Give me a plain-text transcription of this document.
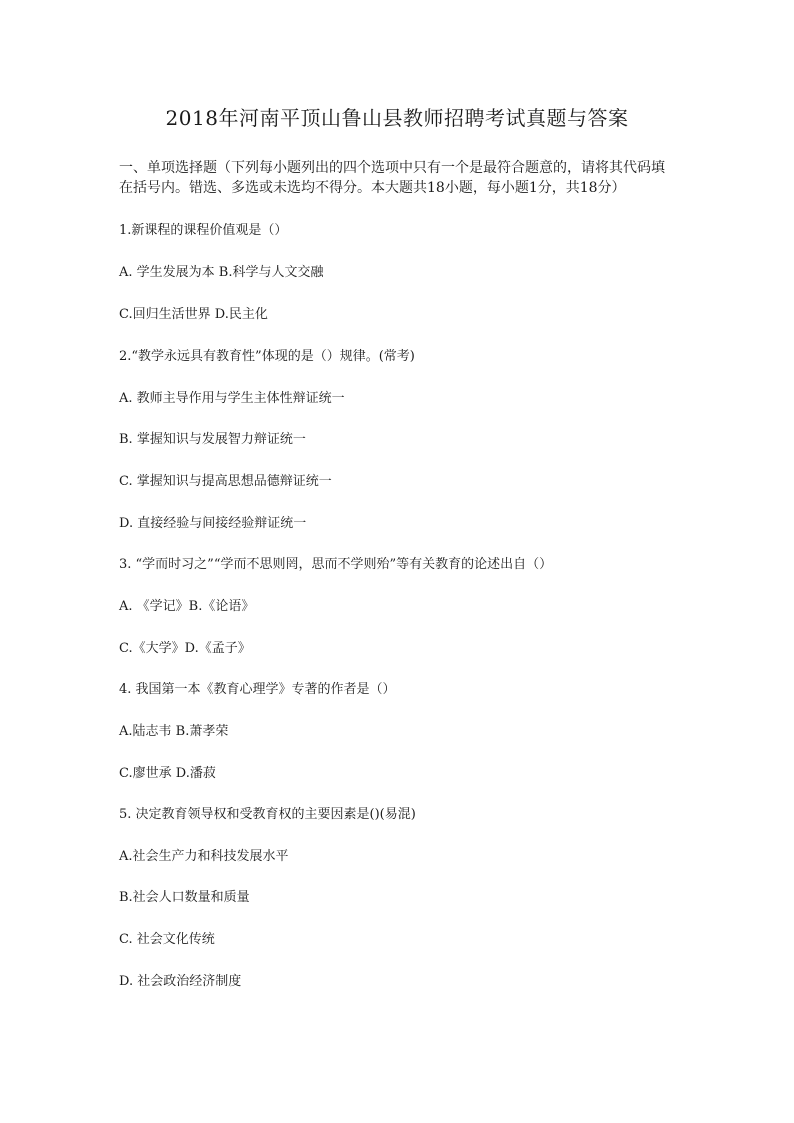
2018年河南平顶山鲁山县教师招聘考试真题与答案
一、单项选择题（下列每小题列出的四个选项中只有一个是最符合题意的，请将其代码填
在括号内。错选、多选或未选均不得分。本大题共18小题，每小题1分，共18分）
1.新课程的课程价值观是（）
A. 学生发展为本 B.科学与人文交融
C.回归生活世界 D.民主化
2.“教学永远具有教育性”体现的是（）规律。(常考)
A. 教师主导作用与学生主体性辩证统一
B. 掌握知识与发展智力辩证统一
C. 掌握知识与提高思想品德辩证统一
D. 直接经验与间接经验辩证统一
3. “学而时习之”“学而不思则罔，思而不学则殆”等有关教育的论述出自（）
A. 《学记》B.《论语》
C.《大学》D.《孟子》
4. 我国第一本《教育心理学》专著的作者是（）
A.陆志韦 B.萧孝荣
C.廖世承 D.潘菽
5. 决定教育领导权和受教育权的主要因素是()(易混)
A.社会生产力和科技发展水平
B.社会人口数量和质量
C. 社会文化传统
D. 社会政治经济制度
